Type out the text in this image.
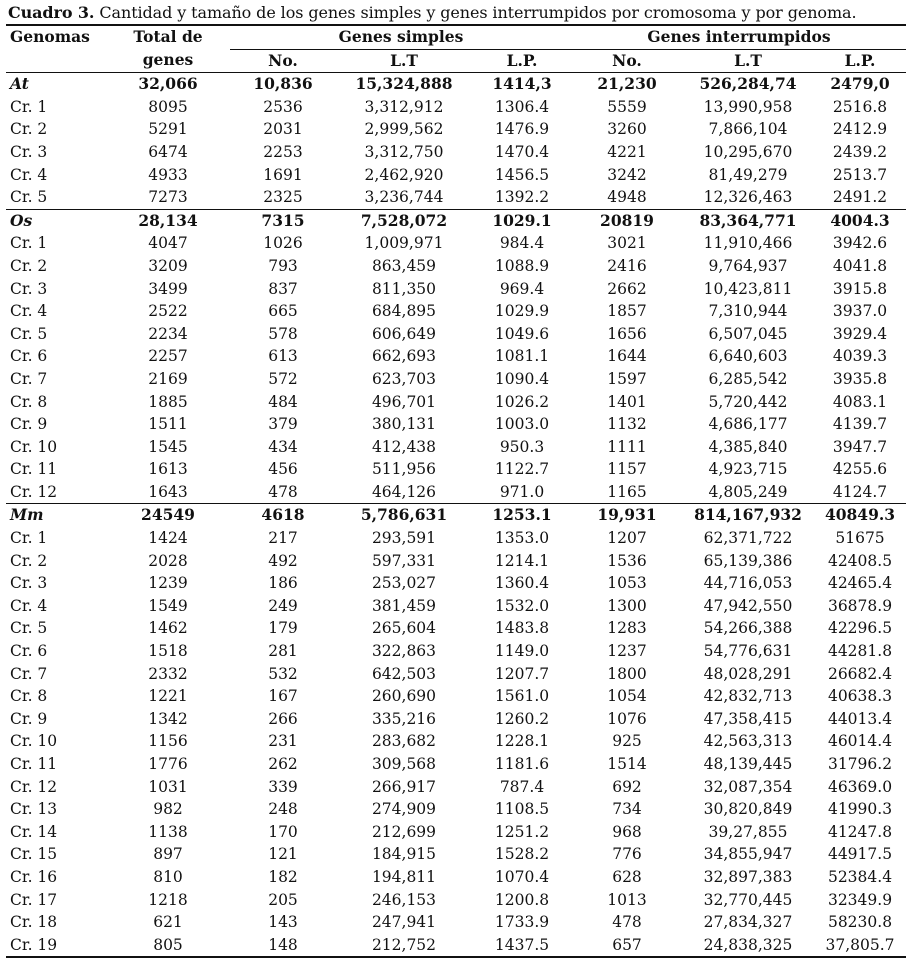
Cuadro 3. Cantidad y tamaño de los genes simples y genes interrumpidos por cromosoma y por genoma.
Genomas	Total de	Genes simples			Genes interrumpidos		
	genes	No.	L.T	L.P.	No.	L.T	L.P.
At	32,066	10,836	15,324,888	1414,3	21,230	526,284,74	2479,0
Cr. 1	8095	2536	3,312,912	1306.4	5559	13,990,958	2516.8
Cr. 2	5291	2031	2,999,562	1476.9	3260	7,866,104	2412.9
Cr. 3	6474	2253	3,312,750	1470.4	4221	10,295,670	2439.2
Cr. 4	4933	1691	2,462,920	1456.5	3242	81,49,279	2513.7
Cr. 5	7273	2325	3,236,744	1392.2	4948	12,326,463	2491.2
Os	28,134	7315	7,528,072	1029.1	20819	83,364,771	4004.3
Cr. 1	4047	1026	1,009,971	984.4	3021	11,910,466	3942.6
Cr. 2	3209	793	863,459	1088.9	2416	9,764,937	4041.8
Cr. 3	3499	837	811,350	969.4	2662	10,423,811	3915.8
Cr. 4	2522	665	684,895	1029.9	1857	7,310,944	3937.0
Cr. 5	2234	578	606,649	1049.6	1656	6,507,045	3929.4
Cr. 6	2257	613	662,693	1081.1	1644	6,640,603	4039.3
Cr. 7	2169	572	623,703	1090.4	1597	6,285,542	3935.8
Cr. 8	1885	484	496,701	1026.2	1401	5,720,442	4083.1
Cr. 9	1511	379	380,131	1003.0	1132	4,686,177	4139.7
Cr. 10	1545	434	412,438	950.3	1111	4,385,840	3947.7
Cr. 11	1613	456	511,956	1122.7	1157	4,923,715	4255.6
Cr. 12	1643	478	464,126	971.0	1165	4,805,249	4124.7
Mm	24549	4618	5,786,631	1253.1	19,931	814,167,932	40849.3
Cr. 1	1424	217	293,591	1353.0	1207	62,371,722	51675
Cr. 2	2028	492	597,331	1214.1	1536	65,139,386	42408.5
Cr. 3	1239	186	253,027	1360.4	1053	44,716,053	42465.4
Cr. 4	1549	249	381,459	1532.0	1300	47,942,550	36878.9
Cr. 5	1462	179	265,604	1483.8	1283	54,266,388	42296.5
Cr. 6	1518	281	322,863	1149.0	1237	54,776,631	44281.8
Cr. 7	2332	532	642,503	1207.7	1800	48,028,291	26682.4
Cr. 8	1221	167	260,690	1561.0	1054	42,832,713	40638.3
Cr. 9	1342	266	335,216	1260.2	1076	47,358,415	44013.4
Cr. 10	1156	231	283,682	1228.1	925	42,563,313	46014.4
Cr. 11	1776	262	309,568	1181.6	1514	48,139,445	31796.2
Cr. 12	1031	339	266,917	787.4	692	32,087,354	46369.0
Cr. 13	982	248	274,909	1108.5	734	30,820,849	41990.3
Cr. 14	1138	170	212,699	1251.2	968	39,27,855	41247.8
Cr. 15	897	121	184,915	1528.2	776	34,855,947	44917.5
Cr. 16	810	182	194,811	1070.4	628	32,897,383	52384.4
Cr. 17	1218	205	246,153	1200.8	1013	32,770,445	32349.9
Cr. 18	621	143	247,941	1733.9	478	27,834,327	58230.8
Cr. 19	805	148	212,752	1437.5	657	24,838,325	37,805.7
